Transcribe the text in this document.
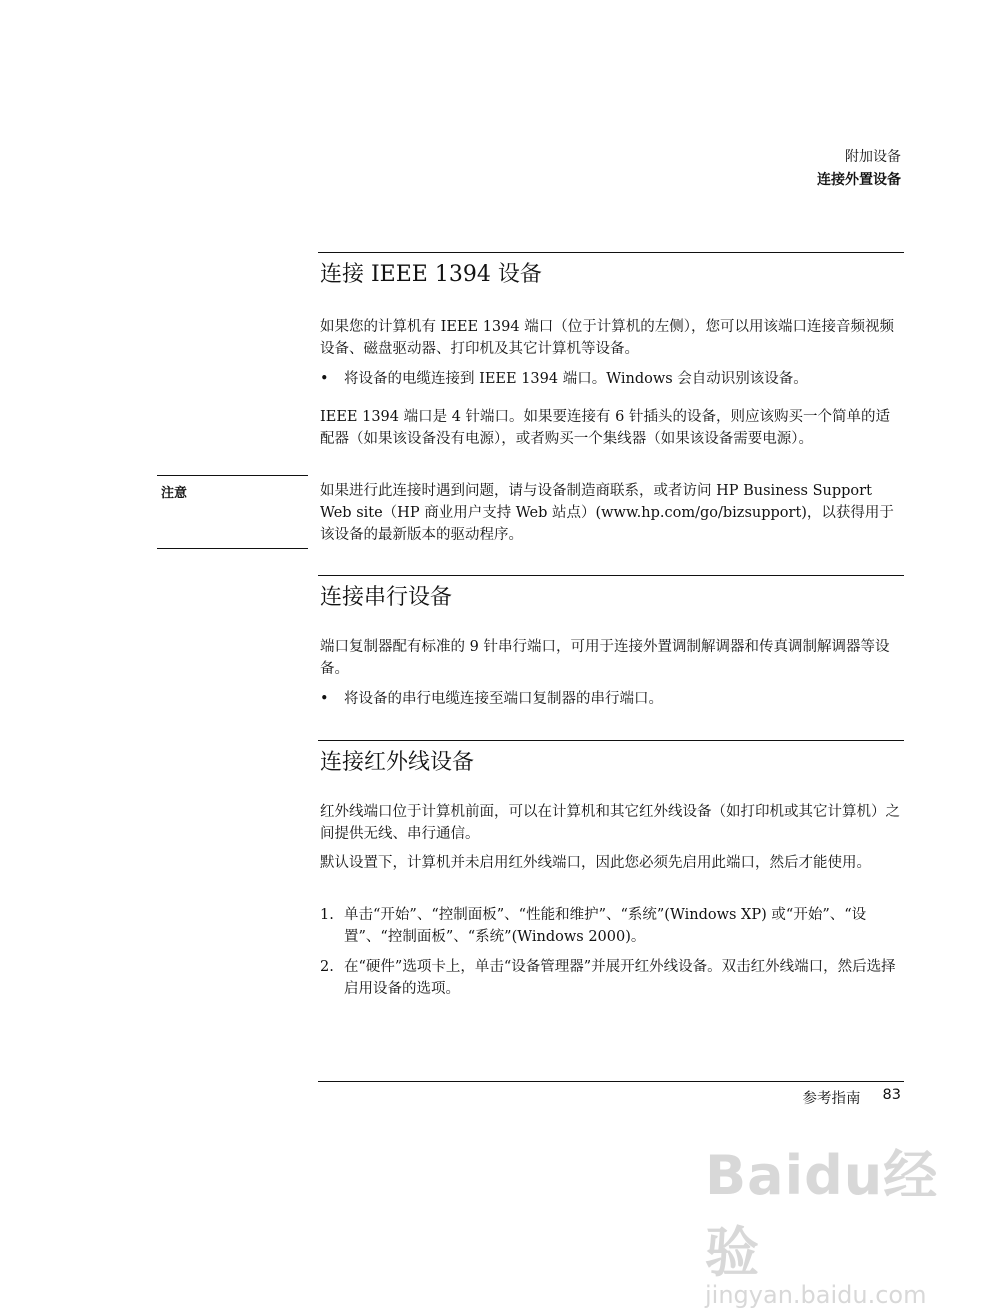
附加设备
连接外置设备
连接 IEEE 1394 设备
如果您的计算机有 IEEE 1394 端口（位于计算机的左侧），您可以用该端口连接音频视频设备、磁盘驱动器、打印机及其它计算机等设备。
•	将设备的电缆连接到 IEEE 1394 端口。Windows 会自动识别该设备。
IEEE 1394 端口是 4 针端口。如果要连接有 6 针插头的设备，则应该购买一个简单的适配器（如果该设备没有电源），或者购买一个集线器（如果该设备需要电源）。
注意	如果进行此连接时遇到问题，请与设备制造商联系，或者访问 HP Business Support Web site（HP 商业用户支持 Web 站点）(www.hp.com/go/bizsupport)，以获得用于该设备的最新版本的驱动程序。
连接串行设备
端口复制器配有标准的 9 针串行端口，可用于连接外置调制解调器和传真调制解调器等设备。
•	将设备的串行电缆连接至端口复制器的串行端口。
连接红外线设备
红外线端口位于计算机前面，可以在计算机和其它红外线设备（如打印机或其它计算机）之间提供无线、串行通信。
默认设置下，计算机并未启用红外线端口，因此您必须先启用此端口，然后才能使用。
1. 单击“开始”、“控制面板”、“性能和维护”、“系统”(Windows XP) 或“开始”、“设置”、“控制面板”、“系统”(Windows 2000)。
2. 在“硬件”选项卡上，单击“设备管理器”并展开红外线设备。双击红外线端口，然后选择启用设备的选项。
参考指南 83
Baidu经验
jingyan.baidu.com
